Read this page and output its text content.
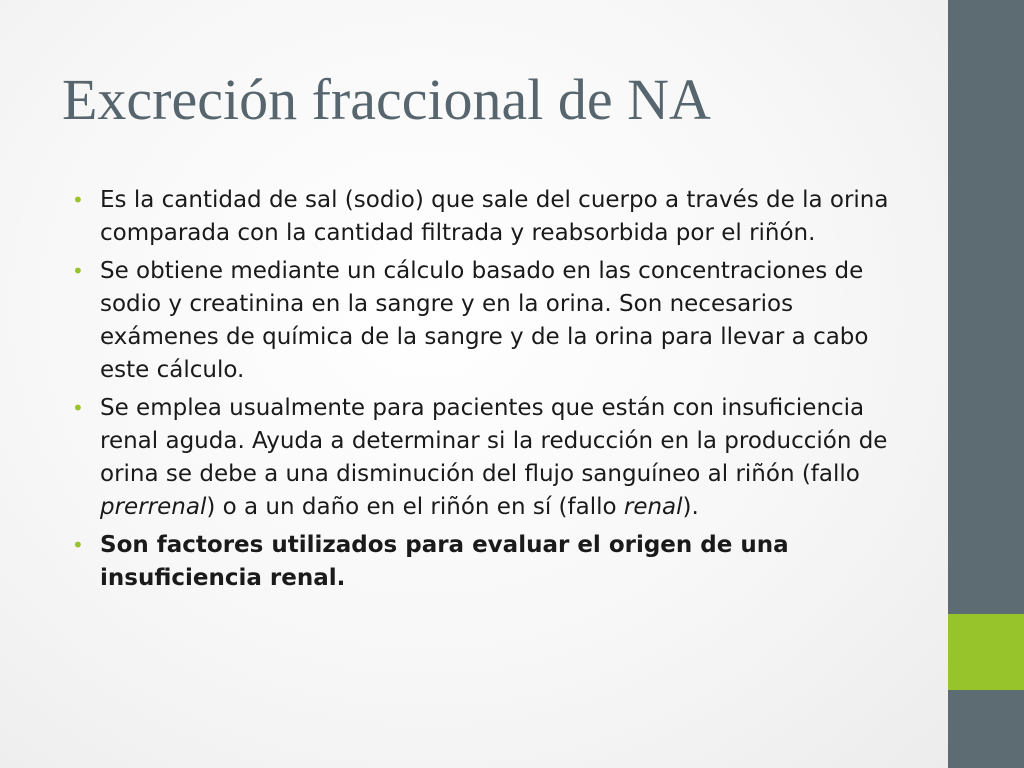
Excreción fraccional de NA
• Es la cantidad de sal (sodio) que sale del cuerpo a través de la orina comparada con la cantidad filtrada y reabsorbida por el riñón.
• Se obtiene mediante un cálculo basado en las concentraciones de sodio y creatinina en la sangre y en la orina. Son necesarios exámenes de química de la sangre y de la orina para llevar a cabo este cálculo.
• Se emplea usualmente para pacientes que están con insuficiencia renal aguda. Ayuda a determinar si la reducción en la producción de orina se debe a una disminución del flujo sanguíneo al riñón (fallo prerrenal) o a un daño en el riñón en sí (fallo renal).
• Son factores utilizados para evaluar el origen de una insuficiencia renal.
